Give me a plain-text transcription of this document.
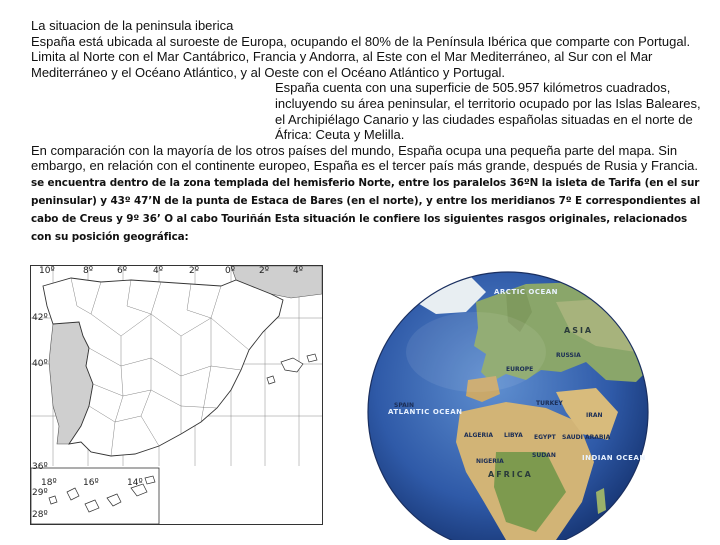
La situacion de la peninsula iberica

España está ubicada al suroeste de Europa, ocupando el 80% de la Península Ibérica que comparte con Portugal. Limita al Norte con el Mar Cantábrico, Francia y Andorra, al Este con el Mar Mediterráneo, al Sur con el Mar Mediterráneo y el Océano Atlántico, y al Oeste con el Océano Atlántico y Portugal.

España cuenta con una superficie de 505.957 kilómetros cuadrados, incluyendo su área peninsular, el territorio ocupado por las Islas Baleares, el Archipiélago Canario y las ciudades españolas situadas en el norte de África: Ceuta y Melilla.

En comparación con la mayoría de los otros países del mundo, España ocupa una pequeña parte del mapa. Sin embargo, en relación con el continente europeo, España es el tercer país más grande, después de Rusia y Francia.

se encuentra dentro de la zona templada del hemisferio Norte, entre los paralelos 36ºN la isleta de Tarifa (en el sur peninsular) y 43º 47’N de la punta de Estaca de Bares (en el norte), y entre los meridianos 7º E correspondientes al cabo de Creus y 9º 36’ O al cabo Touriñán Esta situación le confiere los siguientes rasgos originales, relacionados con su posición geográfica:

10º	8º	6º	4º	2º	0º	2º	4º
42º
40º
36º
18º	16º	14º
29º
28º
ARCTIC OCEAN
ATLANTIC OCEAN
ASIA
EUROPE
AFRICA
INDIAN OCEAN
SPAIN	TURKEY
IRAN
EGYPT
ALGERIA LIBYA
RUSSIA
SUDAN
SAUDI ARABIA
NIGERIA
